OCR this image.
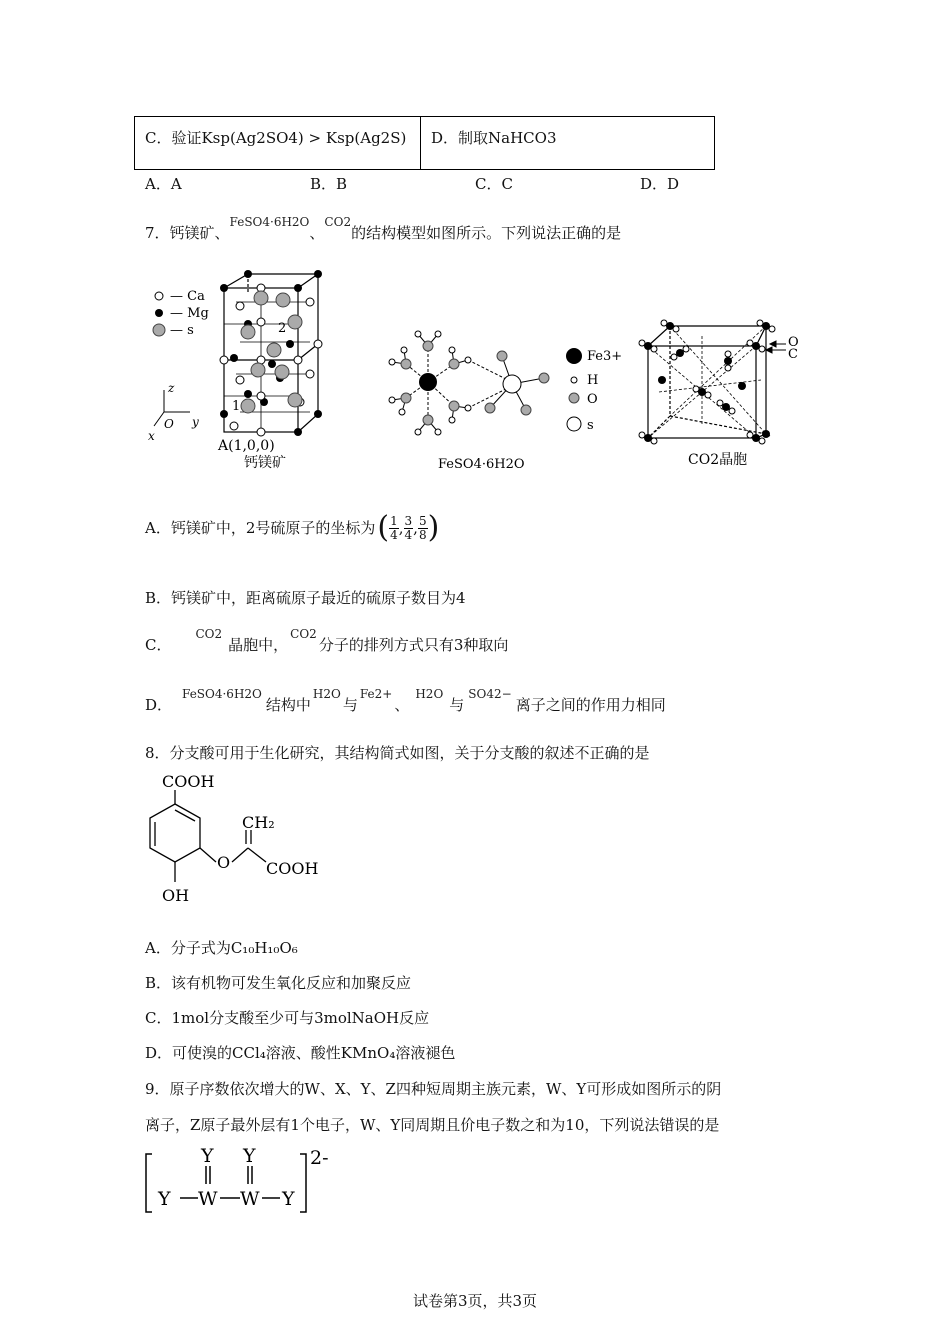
C．验证Ksp(Ag2SO4) > Ksp(Ag2S)	D．制取NaHCO3
A．A	B．B	C．C	D．D
7．钙镁矿、$^{FeSO4\cdot 6H2O}$、$^{CO2}$的结构模型如图所示。下列说法正确的是
— Ca
— Mg
— s
1
2
z
y
x
O
A(1,0,0)
钙镁矿
Fe3+
H
O
s
FeSO4·6H2O
O
C
CO2晶胞
A．钙镁矿中，2号硫原子的坐标为 ( $\frac{1}{4}$ , $\frac{3}{4}$ , $\frac{5}{8}$ )
B．钙镁矿中，距离硫原子最近的硫原子数目为4
C．$^{CO2}$晶胞中，$^{CO2}$分子的排列方式只有3种取向
D．$^{FeSO4\cdot 6H2O}$结构中$^{H2O}$与$^{Fe2+}$、$^{H2O}$与$^{SO42-}$离子之间的作用力相同
8．分支酸可用于生化研究，其结构简式如图，关于分支酸的叙述不正确的是
COOH
CH₂
O COOH
OH
A．分子式为C₁₀H₁₀O₆
B．该有机物可发生氧化反应和加聚反应
C．1mol分支酸至少可与3molNaOH反应
D．可使溴的CCl₄溶液、酸性KMnO₄溶液褪色
9．原子序数依次增大的W、X、Y、Z四种短周期主族元素，W、Y可形成如图所示的阴
离子，Z原子最外层有1个电子，W、Y同周期且价电子数之和为10，下列说法错误的是
Y Y
Y W W Y
2-
试卷第3页，共3页
